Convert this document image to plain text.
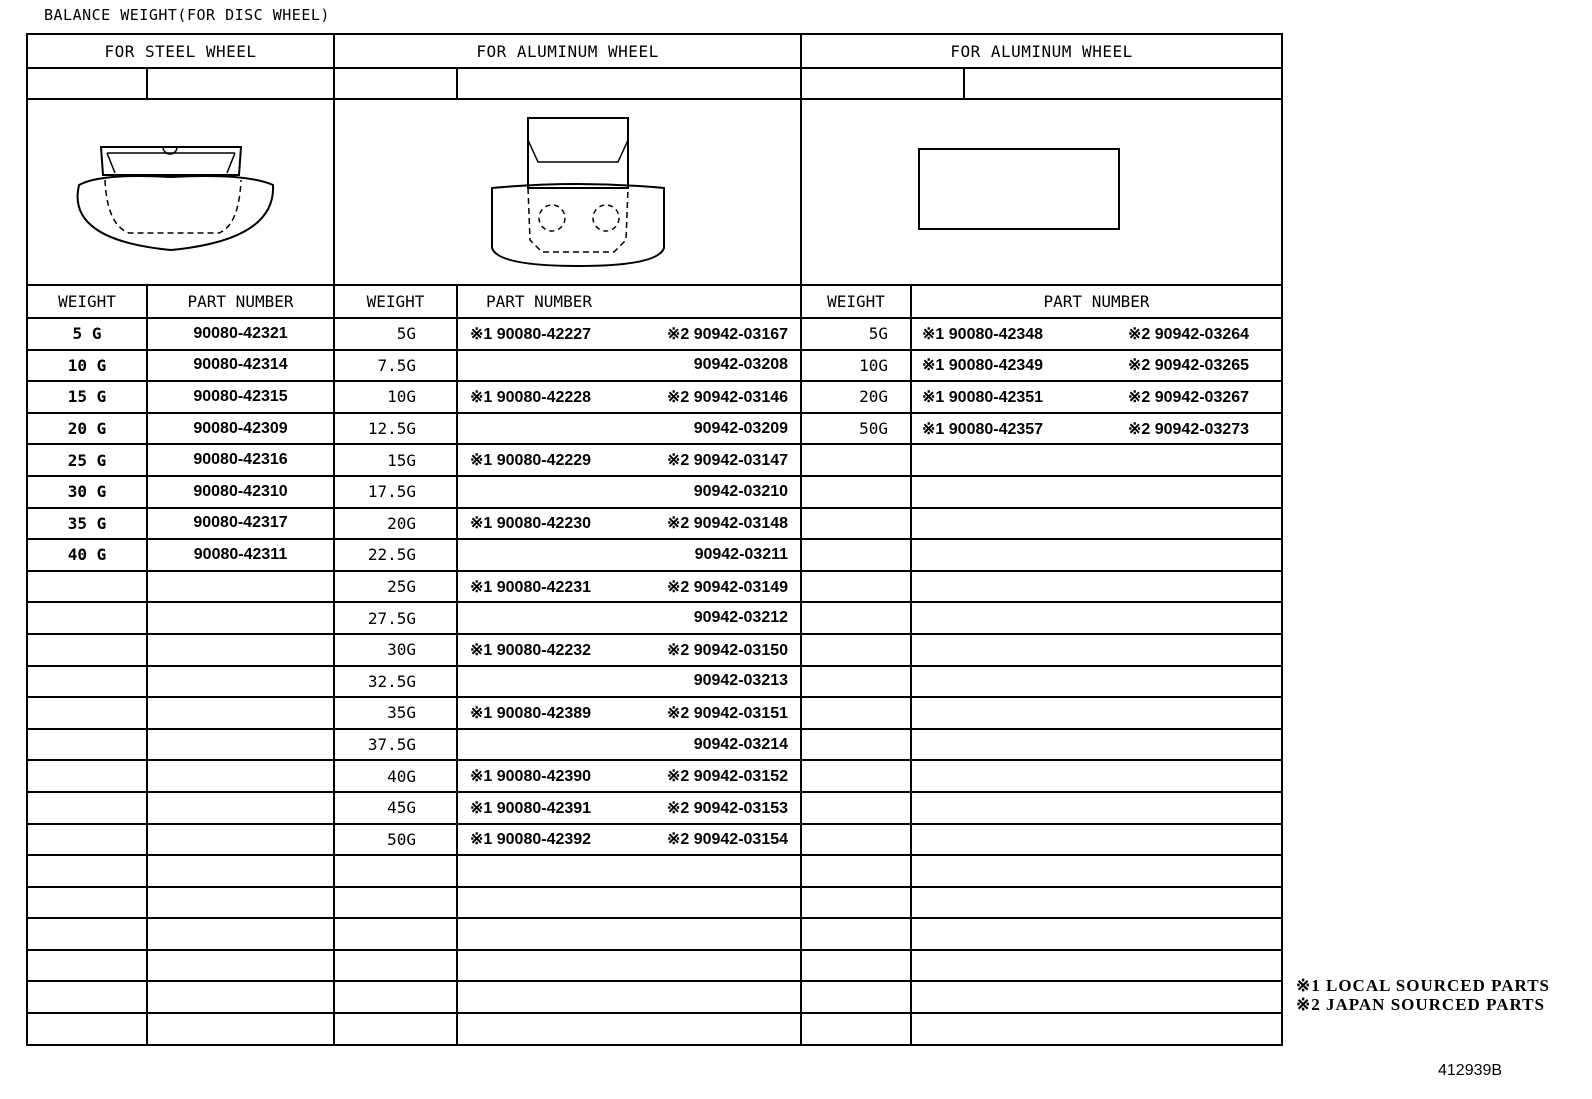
BALANCE WEIGHT(FOR DISC WHEEL)
FOR STEEL WHEEL		FOR ALUMINUM WHEEL		FOR ALUMINUM WHEEL	

WEIGHT	PART NUMBER	WEIGHT	PART NUMBER	WEIGHT	PART NUMBER
5 G	90080-42321	5G	※1 90080-42227 ※2 90942-03167	5G	※1 90080-42348 ※2 90942-03264

10 G	90080-42314	7.5G	90942-03208	10G	※1 90080-42349 ※2 90942-03265

15 G	90080-42315	10G	※1 90080-42228 ※2 90942-03146	20G	※1 90080-42351 ※2 90942-03267

20 G	90080-42309	12.5G	90942-03209	50G	※1 90080-42357 ※2 90942-03273

25 G	90080-42316	15G	※1 90080-42229 ※2 90942-03147		

30 G	90080-42310	17.5G	90942-03210		

35 G	90080-42317	20G	※1 90080-42230 ※2 90942-03148		

40 G	90080-42311	22.5G	90942-03211		

		25G	※1 90080-42231 ※2 90942-03149		

		27.5G	90942-03212		

		30G	※1 90080-42232 ※2 90942-03150		

		32.5G	90942-03213		

		35G	※1 90080-42389 ※2 90942-03151		

		37.5G	90942-03214		

		40G	※1 90080-42390 ※2 90942-03152		

		45G	※1 90080-42391 ※2 90942-03153		

		50G	※1 90080-42392 ※2 90942-03154		

※1 LOCAL SOURCED PARTS
※2 JAPAN SOURCED PARTS
412939B
